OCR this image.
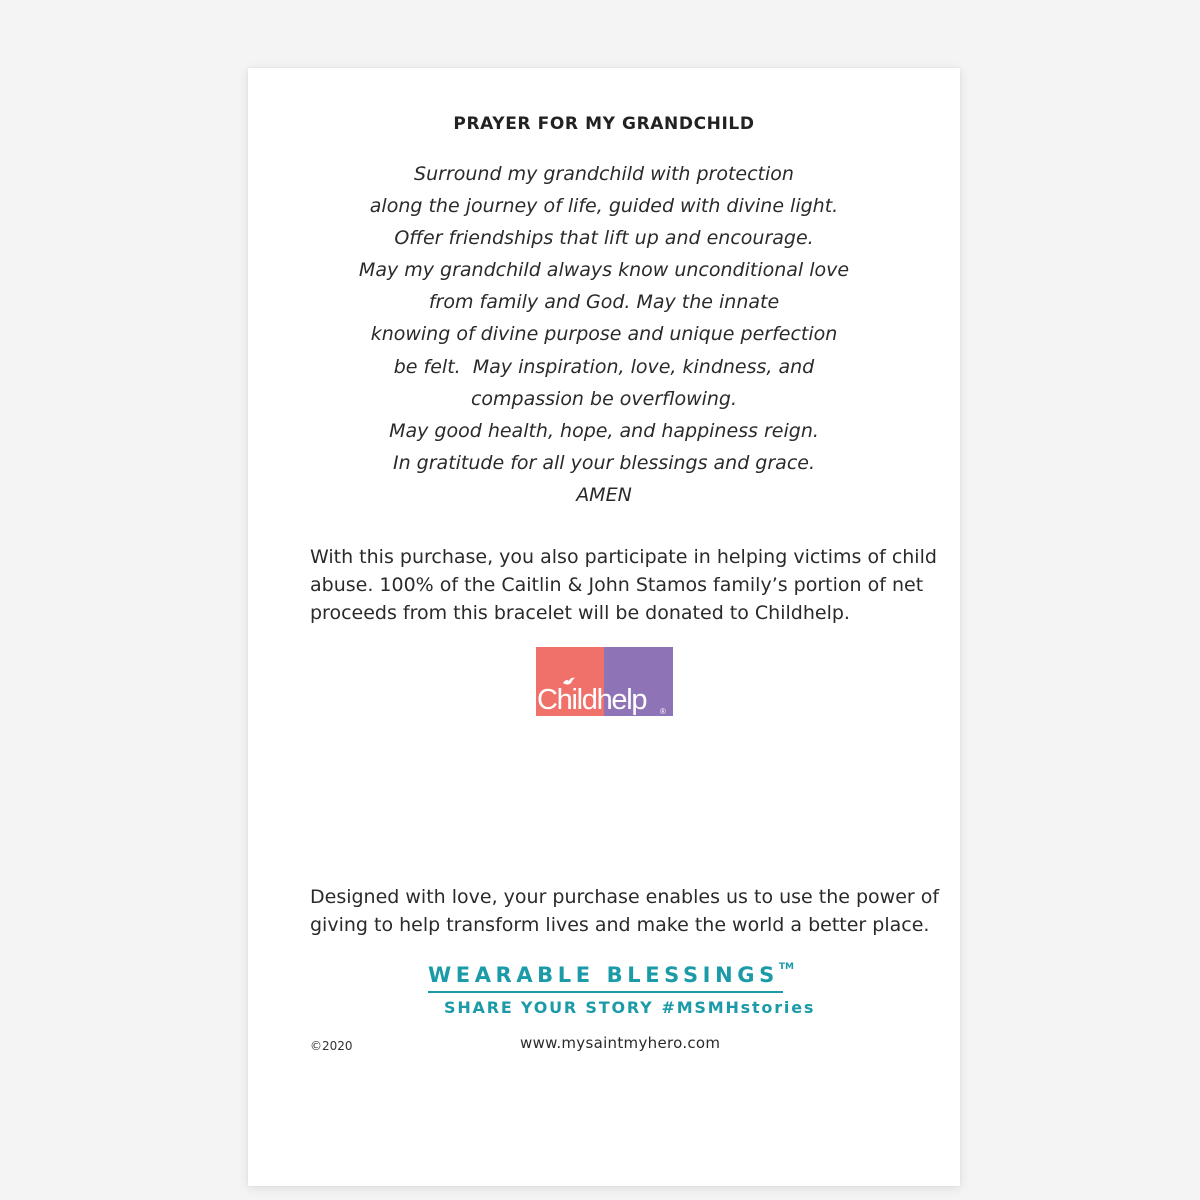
PRAYER FOR MY GRANDCHILD
Surround my grandchild with protection
along the journey of life, guided with divine light.
Offer friendships that lift up and encourage.
May my grandchild always know unconditional love
from family and God. May the innate
knowing of divine purpose and unique perfection
be felt.  May inspiration, love, kindness, and
compassion be overflowing.
May good health, hope, and happiness reign.
In gratitude for all your blessings and grace.
AMEN
With this purchase, you also participate in helping victims of child
abuse. 100% of the Caitlin & John Stamos family’s portion of net
proceeds from this bracelet will be donated to Childhelp.
Childhelp ®
Designed with love, your purchase enables us to use the power of
giving to help transform lives and make the world a better place.
WEARABLE BLESSINGS™
SHARE YOUR STORY #MSMHstories
©2020	www.mysaintmyhero.com
